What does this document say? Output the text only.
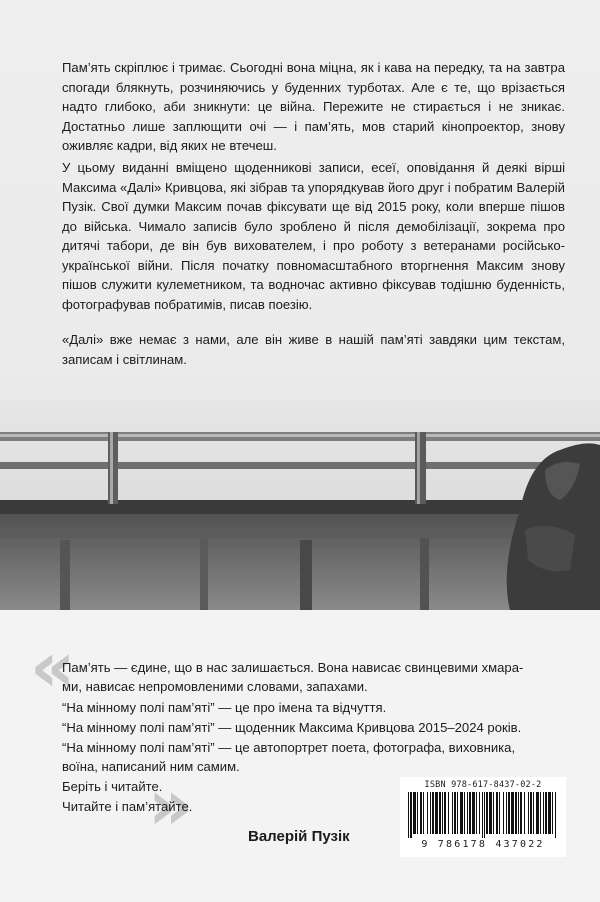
Пам’ять скріплює і тримає. Сьогодні вона міцна, як і кава на передку, та на завтра спогади блякнуть, розчиняючись у буденних турботах. Але є те, що врізається надто глибоко, аби зникнути: це війна. Пережите не стирається і не зникає. Достатньо лише заплющити очі — і пам’ять, мов старий кінопроектор, знову оживляє кадри, від яких не втечеш.

У цьому виданні вміщено щоденникові записи, есеї, оповідання й деякі вірші Максима «Далі» Кривцова, які зібрав та упорядкував його друг і побратим Валерій Пузік. Свої думки Максим почав фіксувати ще від 2015 року, коли вперше пішов до війська. Чимало записів було зроблено й після демобілізації, зокрема про дитячі табори, де він був вихователем, і про роботу з ветеранами російсько-української війни. Після початку повномасштабного вторгнення Максим знову пішов служити кулеметником, та водночас активно фіксував тодішню буденність, фотографував побратимів, писав поезію.

«Далі» вже немає з нами, але він живе в нашій пам’яті завдяки цим текстам, записам і світлинам.

«
»

Пам’ять — єдине, що в нас залишається. Вона нависає свинцевими хмара-

ми, нависає непромовленими словами, запахами.

“На мінному полі пам’яті” — це про імена та відчуття.

“На мінному полі пам’яті” — щоденник Максима Кривцова 2015–2024 років.

“На мінному полі пам’яті” — це автопортрет поета, фотографа, виховника,

воїна, написаний ним самим.

Беріть і читайте.

Читайте і пам’ятайте.

Валерій Пузік

ISBN 978-617-8437-02-2
9 786178 437022
